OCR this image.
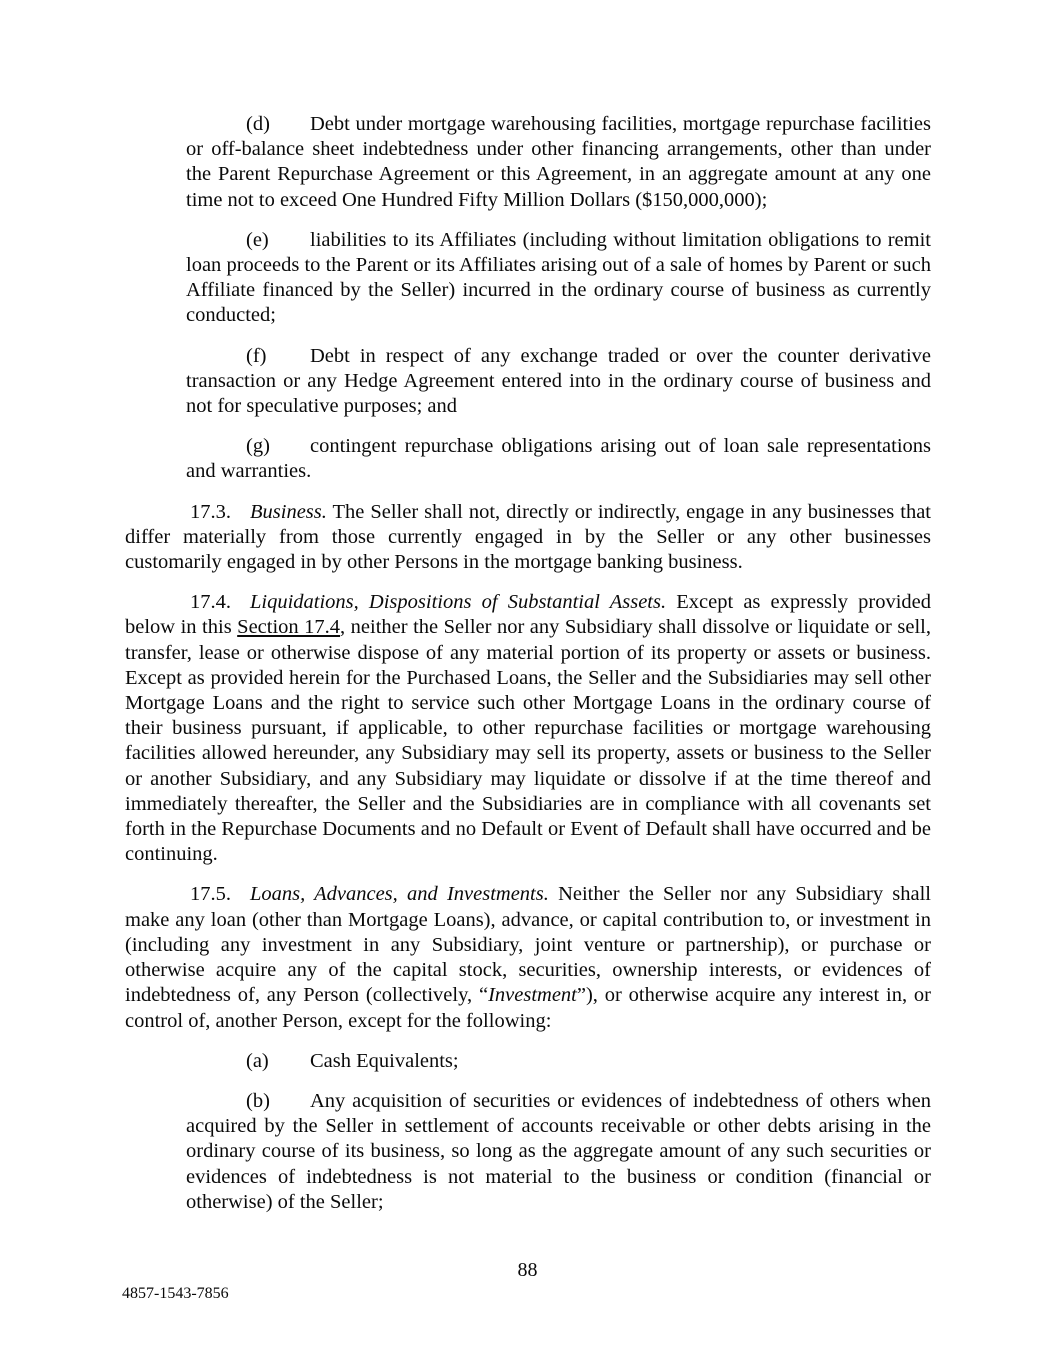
(d) Debt under mortgage warehousing facilities, mortgage repurchase facilities or off-balance sheet indebtedness under other financing arrangements, other than under the Parent Repurchase Agreement or this Agreement, in an aggregate amount at any one time not to exceed One Hundred Fifty Million Dollars ($150,000,000);

(e) liabilities to its Affiliates (including without limitation obligations to remit loan proceeds to the Parent or its Affiliates arising out of a sale of homes by Parent or such Affiliate financed by the Seller) incurred in the ordinary course of business as currently conducted;

(f) Debt in respect of any exchange traded or over the counter derivative transaction or any Hedge Agreement entered into in the ordinary course of business and not for speculative purposes; and

(g) contingent repurchase obligations arising out of loan sale representations and warranties.

17.3. Business. The Seller shall not, directly or indirectly, engage in any businesses that differ materially from those currently engaged in by the Seller or any other businesses customarily engaged in by other Persons in the mortgage banking business.

17.4. Liquidations, Dispositions of Substantial Assets. Except as expressly provided below in this Section 17.4, neither the Seller nor any Subsidiary shall dissolve or liquidate or sell, transfer, lease or otherwise dispose of any material portion of its property or assets or business. Except as provided herein for the Purchased Loans, the Seller and the Subsidiaries may sell other Mortgage Loans and the right to service such other Mortgage Loans in the ordinary course of their business pursuant, if applicable, to other repurchase facilities or mortgage warehousing facilities allowed hereunder, any Subsidiary may sell its property, assets or business to the Seller or another Subsidiary, and any Subsidiary may liquidate or dissolve if at the time thereof and immediately thereafter, the Seller and the Subsidiaries are in compliance with all covenants set forth in the Repurchase Documents and no Default or Event of Default shall have occurred and be continuing.

17.5. Loans, Advances, and Investments. Neither the Seller nor any Subsidiary shall make any loan (other than Mortgage Loans), advance, or capital contribution to, or investment in (including any investment in any Subsidiary, joint venture or partnership), or purchase or otherwise acquire any of the capital stock, securities, ownership interests, or evidences of indebtedness of, any Person (collectively, “Investment”), or otherwise acquire any interest in, or control of, another Person, except for the following:

(a) Cash Equivalents;

(b) Any acquisition of securities or evidences of indebtedness of others when acquired by the Seller in settlement of accounts receivable or other debts arising in the ordinary course of its business, so long as the aggregate amount of any such securities or evidences of indebtedness is not material to the business or condition (financial or otherwise) of the Seller;

88
4857-1543-7856
